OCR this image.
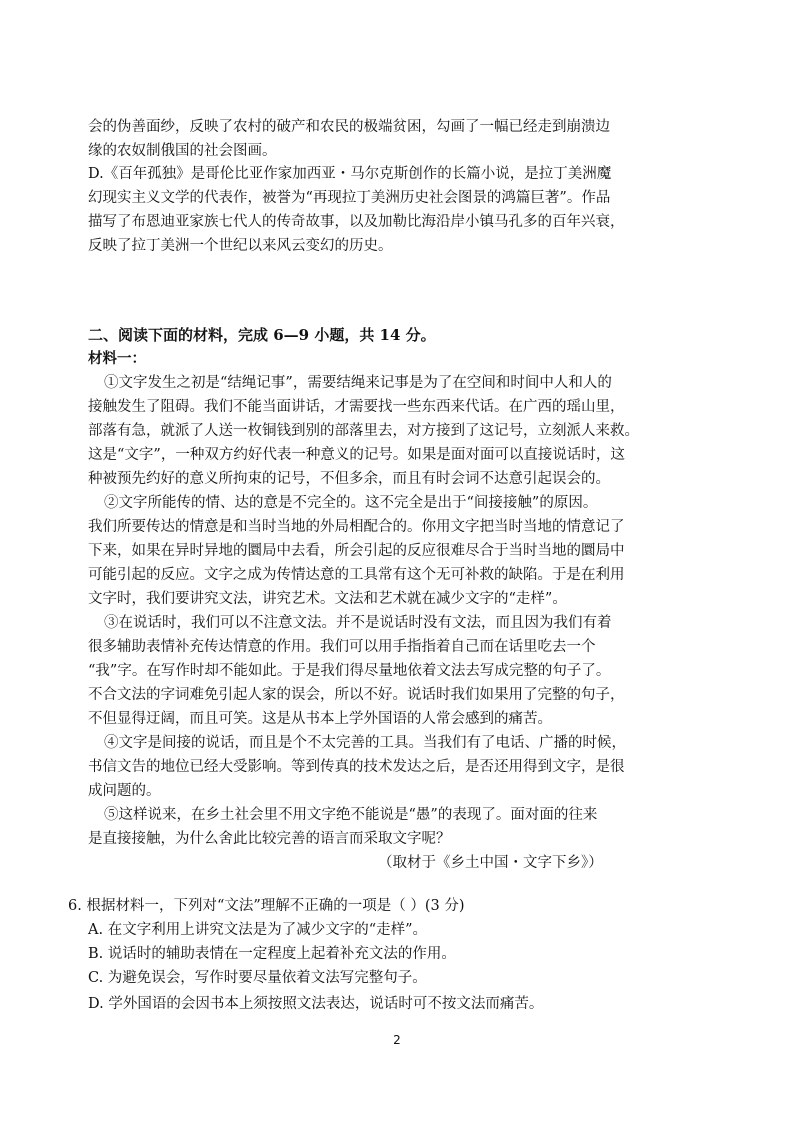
会的伪善面纱，反映了农村的破产和农民的极端贫困，勾画了一幅已经走到崩溃边
缘的农奴制俄国的社会图画。
D.《百年孤独》是哥伦比亚作家加西亚・马尔克斯创作的长篇小说，是拉丁美洲魔
幻现实主义文学的代表作，被誉为“再现拉丁美洲历史社会图景的鸿篇巨著”。作品
描写了布恩迪亚家族七代人的传奇故事，以及加勒比海沿岸小镇马孔多的百年兴衰，
反映了拉丁美洲一个世纪以来风云变幻的历史。
二、阅读下面的材料，完成 6—9 小题，共 14 分。
材料一：
①文字发生之初是“结绳记事”，需要结绳来记事是为了在空间和时间中人和人的
接触发生了阻碍。我们不能当面讲话，才需要找一些东西来代话。在广西的瑶山里，
部落有急，就派了人送一枚铜钱到别的部落里去，对方接到了这记号，立刻派人来救。
这是“文字”，一种双方约好代表一种意义的记号。如果是面对面可以直接说话时，这
种被预先约好的意义所拘束的记号，不但多余，而且有时会词不达意引起误会的。
②文字所能传的情、达的意是不完全的。这不完全是出于“间接接触”的原因。
我们所要传达的情意是和当时当地的外局相配合的。你用文字把当时当地的情意记了
下来，如果在异时异地的圜局中去看，所会引起的反应很难尽合于当时当地的圜局中
可能引起的反应。文字之成为传情达意的工具常有这个无可补救的缺陷。于是在利用
文字时，我们要讲究文法，讲究艺术。文法和艺术就在减少文字的“走样”。
③在说话时，我们可以不注意文法。并不是说话时没有文法，而且因为我们有着
很多辅助表情补充传达情意的作用。我们可以用手指指着自己而在话里吃去一个
“我”字。在写作时却不能如此。于是我们得尽量地依着文法去写成完整的句子了。
不合文法的字词难免引起人家的误会，所以不好。说话时我们如果用了完整的句子，
不但显得迂阔，而且可笑。这是从书本上学外国语的人常会感到的痛苦。
④文字是间接的说话，而且是个不太完善的工具。当我们有了电话、广播的时候，
书信文告的地位已经大受影响。等到传真的技术发达之后，是否还用得到文字，是很
成问题的。
⑤这样说来，在乡土社会里不用文字绝不能说是“愚”的表现了。面对面的往来
是直接接触，为什么舍此比较完善的语言而采取文字呢？
（取材于《乡土中国・文字下乡》）
6. 根据材料一，下列对“文法”理解不正确的一项是（ ）(3 分)
A. 在文字利用上讲究文法是为了减少文字的“走样”。
B. 说话时的辅助表情在一定程度上起着补充文法的作用。
C. 为避免误会，写作时要尽量依着文法写完整句子。
D. 学外国语的会因书本上须按照文法表达，说话时可不按文法而痛苦。
2
